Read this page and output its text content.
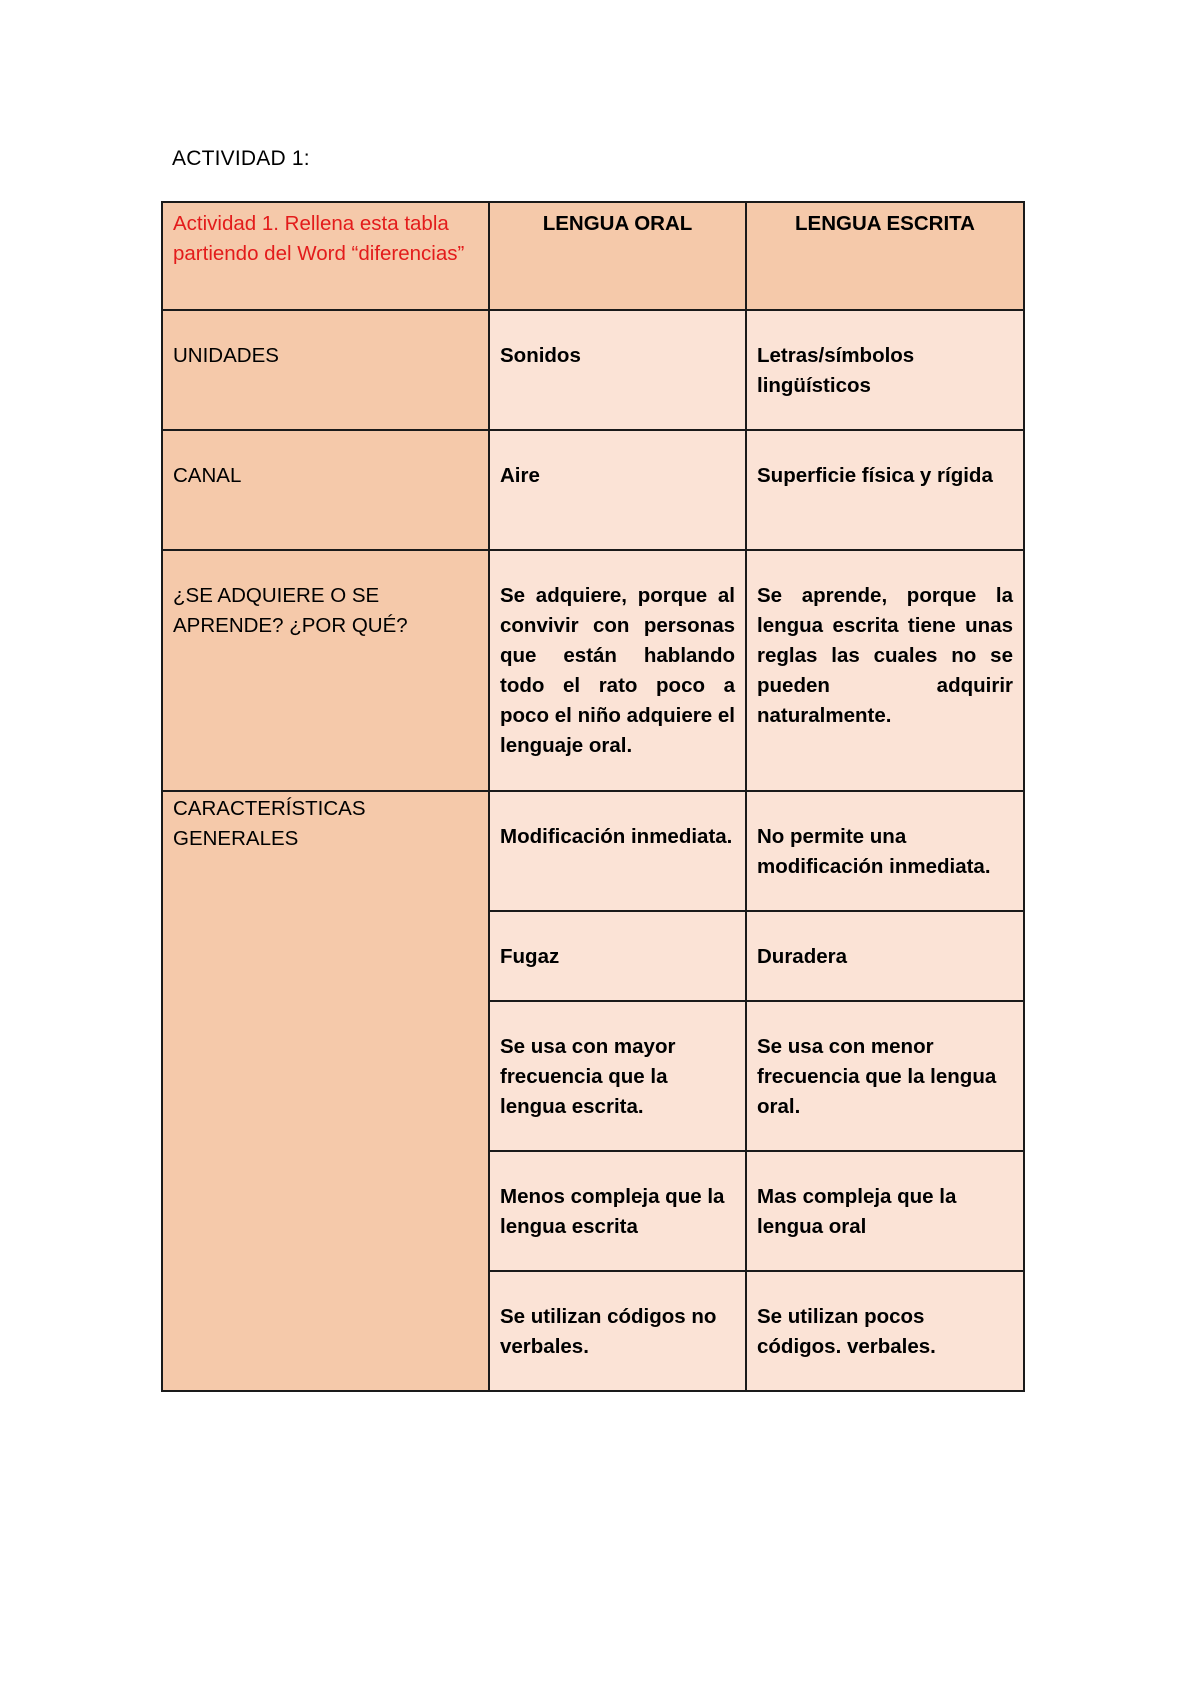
ACTIVIDAD 1:
Actividad 1. Rellena esta tabla partiendo del Word “diferencias”	LENGUA ORAL	LENGUA ESCRITA
UNIDADES	Sonidos	Letras/símbolos lingüísticos
CANAL	Aire	Superficie física y rígida
¿SE ADQUIERE O SE APRENDE? ¿POR QUÉ?	Se adquiere, porque al convivir con personas que están hablando todo el rato poco a poco el niño adquiere el lenguaje oral.	Se aprende, porque la lengua escrita tiene unas reglas las cuales no se pueden adquirir naturalmente.
CARACTERÍSTICAS GENERALES	Modificación inmediata.	No permite una modificación inmediata.
	Fugaz	Duradera
	Se usa con mayor frecuencia que la lengua escrita.	Se usa con menor frecuencia que la lengua oral.
	Menos compleja que la lengua escrita	Mas compleja que la lengua oral
	Se utilizan códigos no verbales.	Se utilizan pocos códigos. verbales.
